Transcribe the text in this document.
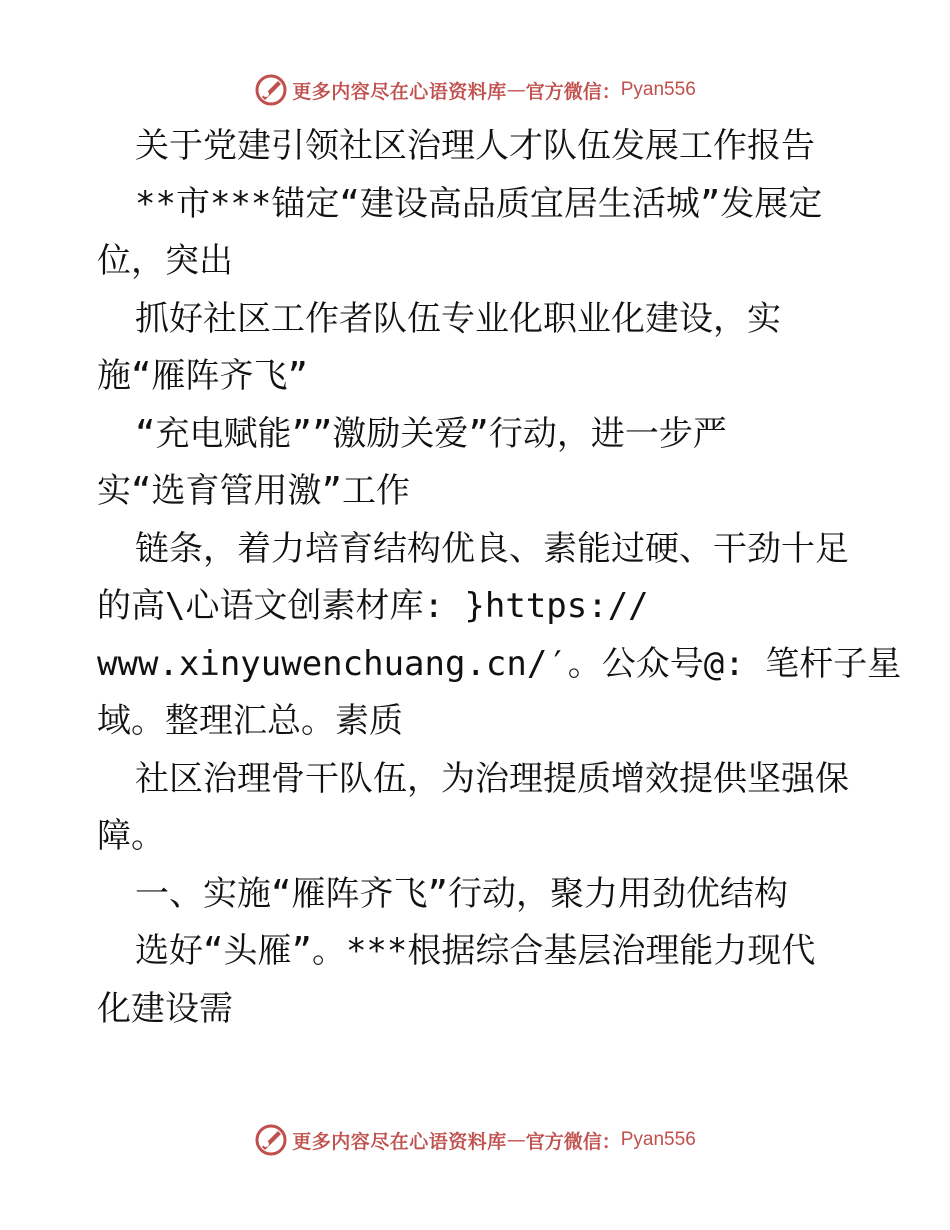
更多内容尽在心语资料库 — 官方微信： Pyan556
关于党建引领社区治理人才队伍发展工作报告
**市***锚定“建设高品质宜居生活城”发展定
位，突出
抓好社区工作者队伍专业化职业化建设，实
施“雁阵齐飞”
“充电赋能””激励关爱”行动，进一步严
实“选育管用激”工作
链条，着力培育结构优良、素能过硬、干劲十足
的高\心语文创素材库: }https://
www.xinyuwenchuang.cn/′。公众号@: 笔杆子星
域。整理汇总。素质
社区治理骨干队伍，为治理提质增效提供坚强保
障。
一、实施“雁阵齐飞”行动，聚力用劲优结构
选好“头雁”。***根据综合基层治理能力现代
化建设需
更多内容尽在心语资料库 — 官方微信： Pyan556
